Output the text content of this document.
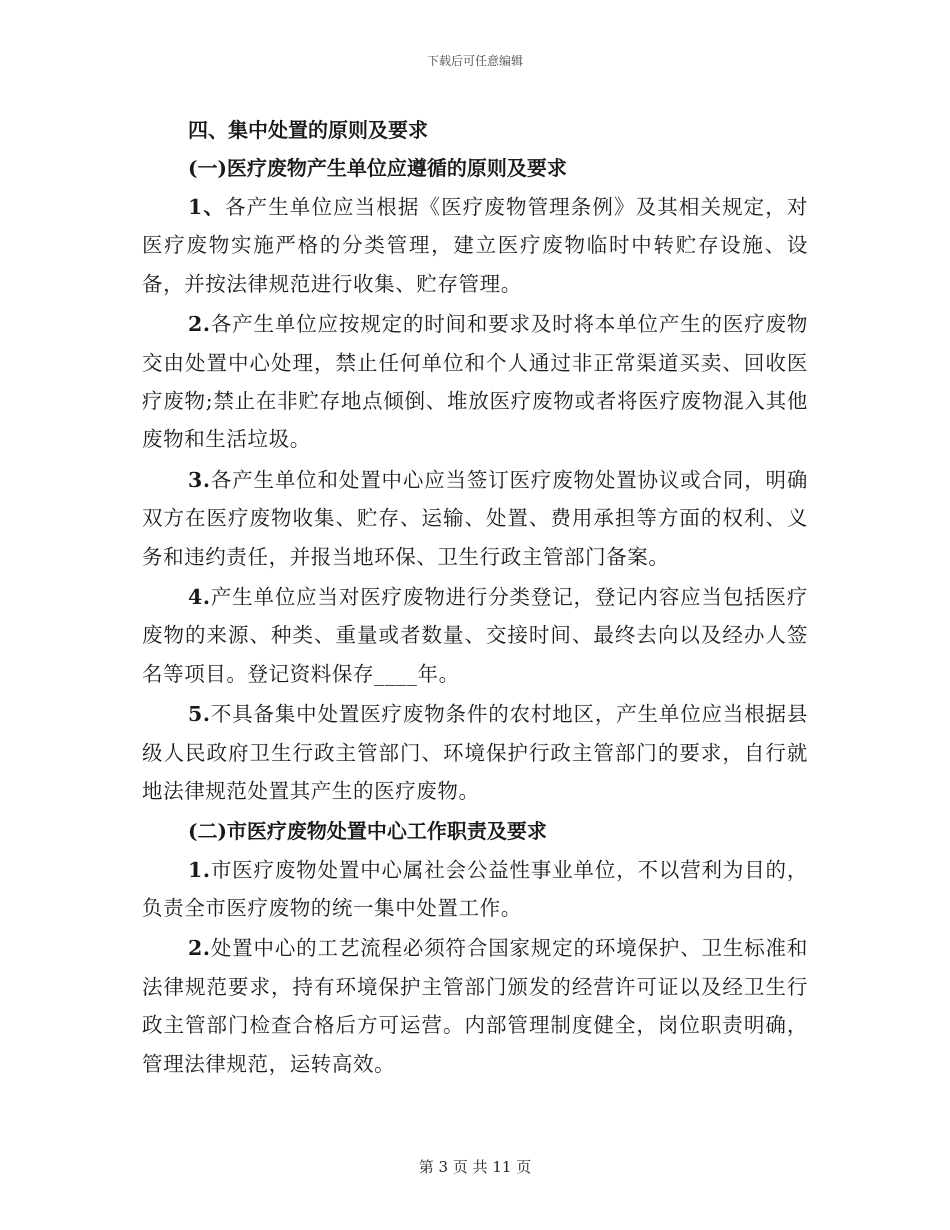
下载后可任意编辑
四、集中处置的原则及要求
(一)医疗废物产生单位应遵循的原则及要求

1、各产生单位应当根据《医疗废物管理条例》及其相关规定，对医疗废物实施严格的分类管理，建立医疗废物临时中转贮存设施、设备，并按法律规范进行收集、贮存管理。

2.各产生单位应按规定的时间和要求及时将本单位产生的医疗废物交由处置中心处理，禁止任何单位和个人通过非正常渠道买卖、回收医疗废物;禁止在非贮存地点倾倒、堆放医疗废物或者将医疗废物混入其他废物和生活垃圾。

3.各产生单位和处置中心应当签订医疗废物处置协议或合同，明确双方在医疗废物收集、贮存、运输、处置、费用承担等方面的权利、义务和违约责任，并报当地环保、卫生行政主管部门备案。

4.产生单位应当对医疗废物进行分类登记，登记内容应当包括医疗废物的来源、种类、重量或者数量、交接时间、最终去向以及经办人签名等项目。登记资料保存____年。

5.不具备集中处置医疗废物条件的农村地区，产生单位应当根据县级人民政府卫生行政主管部门、环境保护行政主管部门的要求，自行就地法律规范处置其产生的医疗废物。

(二)市医疗废物处置中心工作职责及要求

1.市医疗废物处置中心属社会公益性事业单位，不以营利为目的，负责全市医疗废物的统一集中处置工作。

2.处置中心的工艺流程必须符合国家规定的环境保护、卫生标准和法律规范要求，持有环境保护主管部门颁发的经营许可证以及经卫生行政主管部门检查合格后方可运营。内部管理制度健全，岗位职责明确，管理法律规范，运转高效。

第 3 页 共 11 页
